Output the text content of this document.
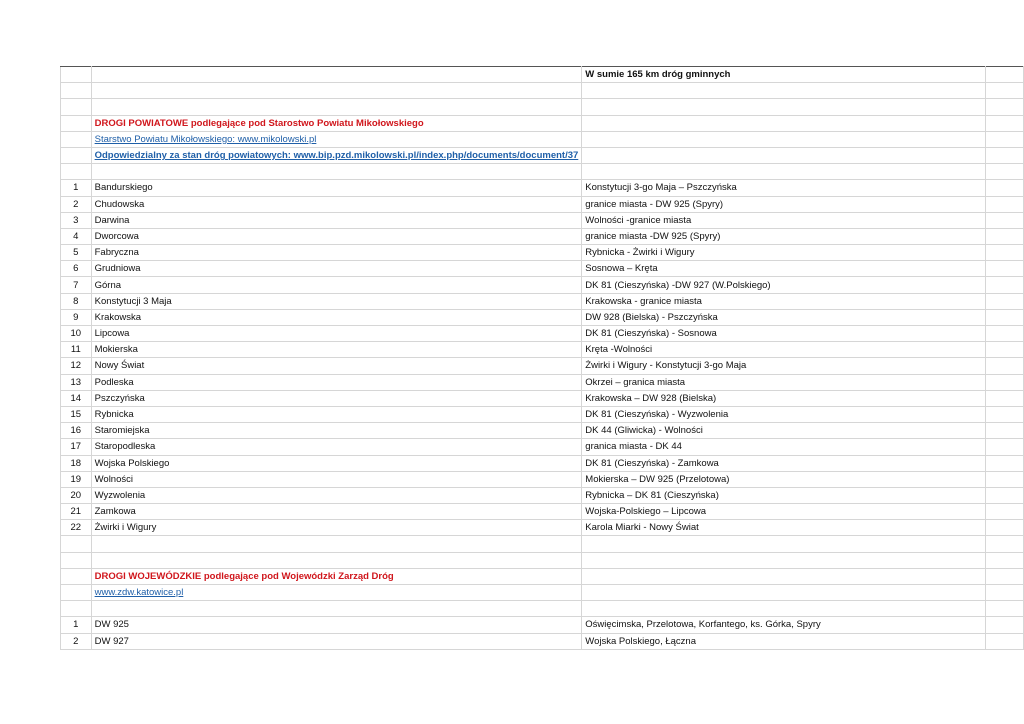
		W sumie 165 km dróg gminnych	

	DROGI POWIATOWE podlegające pod Starostwo Powiatu Mikołowskiego		
	Starstwo Powiatu Mikołowskiego: www.mikolowski.pl		
	Odpowiedzialny za stan dróg powiatowych: www.bip.pzd.mikolowski.pl/index.php/documents/document/37		

1	Bandurskiego	Konstytucji 3-go Maja – Pszczyńska	
2	Chudowska	granice miasta - DW 925 (Spyry)	
3	Darwina	Wolności -granice miasta	
4	Dworcowa	granice miasta -DW 925 (Spyry)	
5	Fabryczna	Rybnicka - Żwirki i Wigury	
6	Grudniowa	Sosnowa – Kręta	
7	Górna	DK 81 (Cieszyńska) -DW 927 (W.Polskiego)	
8	Konstytucji 3 Maja	Krakowska - granice miasta	
9	Krakowska	DW 928 (Bielska) - Pszczyńska	
10	Lipcowa	DK 81 (Cieszyńska) - Sosnowa	
11	Mokierska	Kręta -Wolności	
12	Nowy Świat	Żwirki i Wigury - Konstytucji 3-go Maja	
13	Podleska	Okrzei – granica miasta	
14	Pszczyńska	Krakowska – DW 928 (Bielska)	
15	Rybnicka	DK 81 (Cieszyńska) - Wyzwolenia	
16	Staromiejska	DK 44 (Gliwicka) - Wolności	
17	Staropodleska	granica miasta - DK 44	
18	Wojska Polskiego	DK 81 (Cieszyńska) - Zamkowa	
19	Wolności	Mokierska – DW 925 (Przelotowa)	
20	Wyzwolenia	Rybnicka – DK 81 (Cieszyńska)	
21	Zamkowa	Wojska-Polskiego – Lipcowa	
22	Żwirki i Wigury	Karola Miarki - Nowy Świat	

	DROGI WOJEWÓDZKIE podlegające pod Wojewódzki Zarząd Dróg		
	www.zdw.katowice.pl		

1	DW 925	Oświęcimska, Przelotowa, Korfantego, ks. Górka, Spyry	
2	DW 927	Wojska Polskiego, Łączna	
